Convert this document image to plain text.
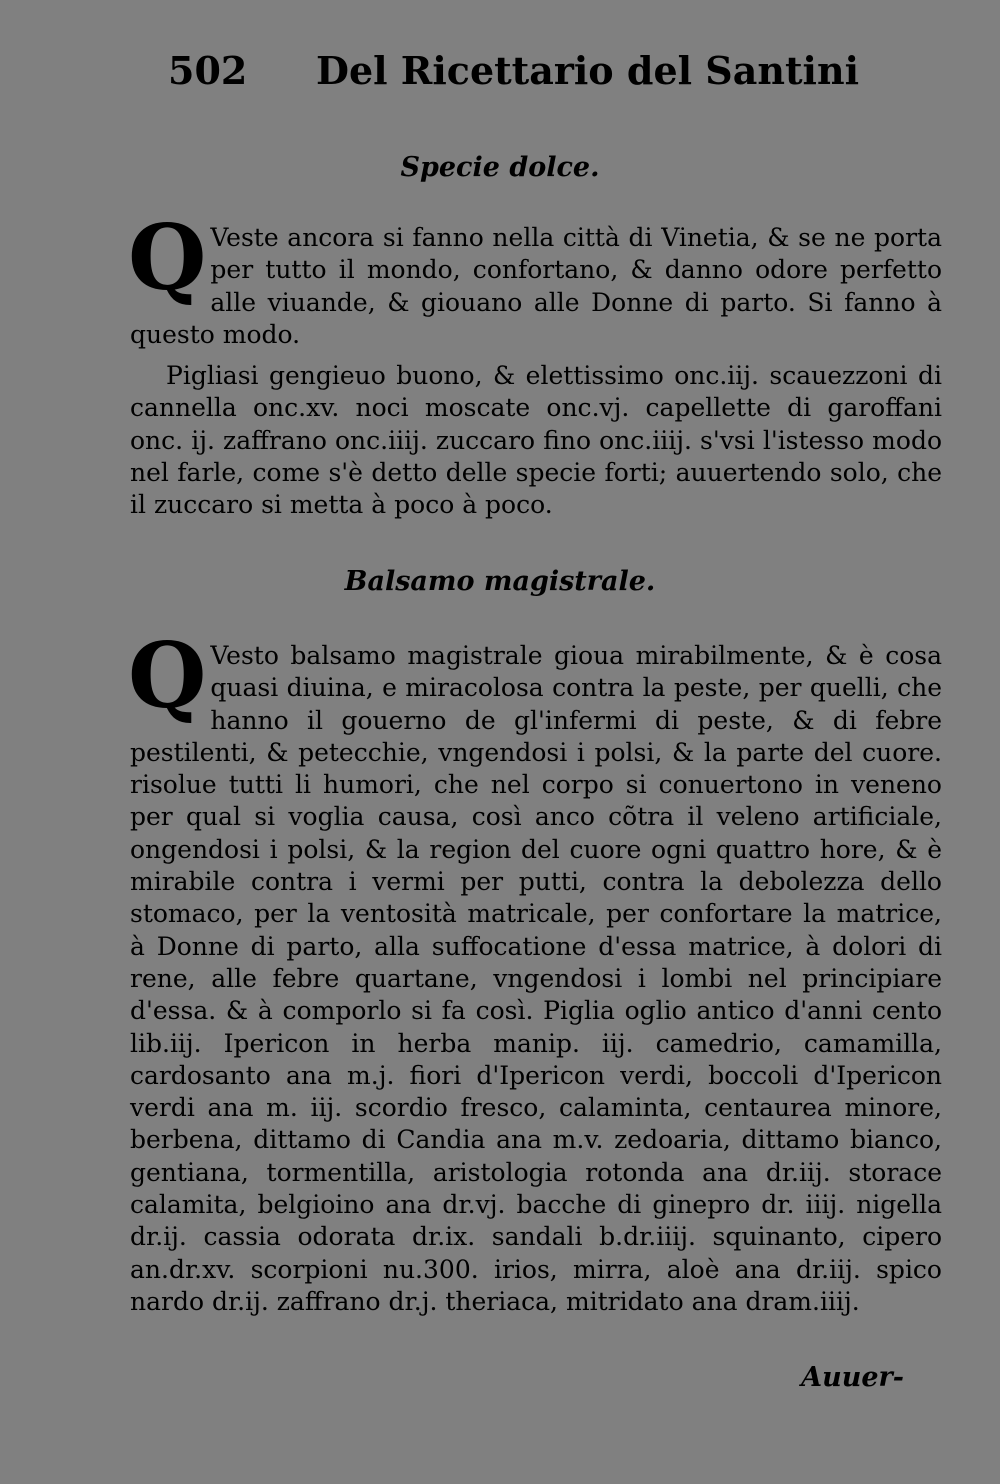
502 Del Ricettario del Santini
Specie dolce.
Q Veste ancora si fanno nella città di Vinetia, & se ne porta per tutto il mondo, confortano, & danno odore perfetto alle viuande, & giouano alle Donne di parto. Si fanno à questo modo.
Pigliasi gengieuo buono, & elettissimo onc.iij. scauezzoni di cannella onc.xv. noci moscate onc.vj. capellette di garoffani onc. ij. zaffrano onc.iiij. zuccaro fino onc.iiij. s'vsi l'istesso modo nel farle, come s'è detto delle specie forti; auuertendo solo, che il zuccaro si metta à poco à poco.
Balsamo magistrale.
Q Vesto balsamo magistrale gioua mirabilmente, & è cosa quasi diuina, e miracolosa contra la peste, per quelli, che hanno il gouerno de gl'infermi di peste, & di febre pestilenti, & petecchie, vngendosi i polsi, & la parte del cuore. risolue tutti li humori, che nel corpo si conuertono in veneno per qual si voglia causa, così anco cõtra il veleno artificiale, ongendosi i polsi, & la region del cuore ogni quattro hore, & è mirabile contra i vermi per putti, contra la debolezza dello stomaco, per la ventosità matricale, per confortare la matrice, à Donne di parto, alla suffocatione d'essa matrice, à dolori di rene, alle febre quartane, vngendosi i lombi nel principiare d'essa. & à comporlo si fa così. Piglia oglio antico d'anni cento lib.iij. Ipericon in herba manip. iij. camedrio, camamilla, cardosanto ana m.j. fiori d'Ipericon verdi, boccoli d'Ipericon verdi ana m. iij. scordio fresco, calaminta, centaurea minore, berbena, dittamo di Candia ana m.v. zedoaria, dittamo bianco, gentiana, tormentilla, aristologia rotonda ana dr.iij. storace calamita, belgioino ana dr.vj. bacche di ginepro dr. iiij. nigella dr.ij. cassia odorata dr.ix. sandali b.dr.iiij. squinanto, cipero an.dr.xv. scorpioni nu.300. irios, mirra, aloè ana dr.iij. spico nardo dr.ij. zaffrano dr.j. theriaca, mitridato ana dram.iiij.
Auuer-
